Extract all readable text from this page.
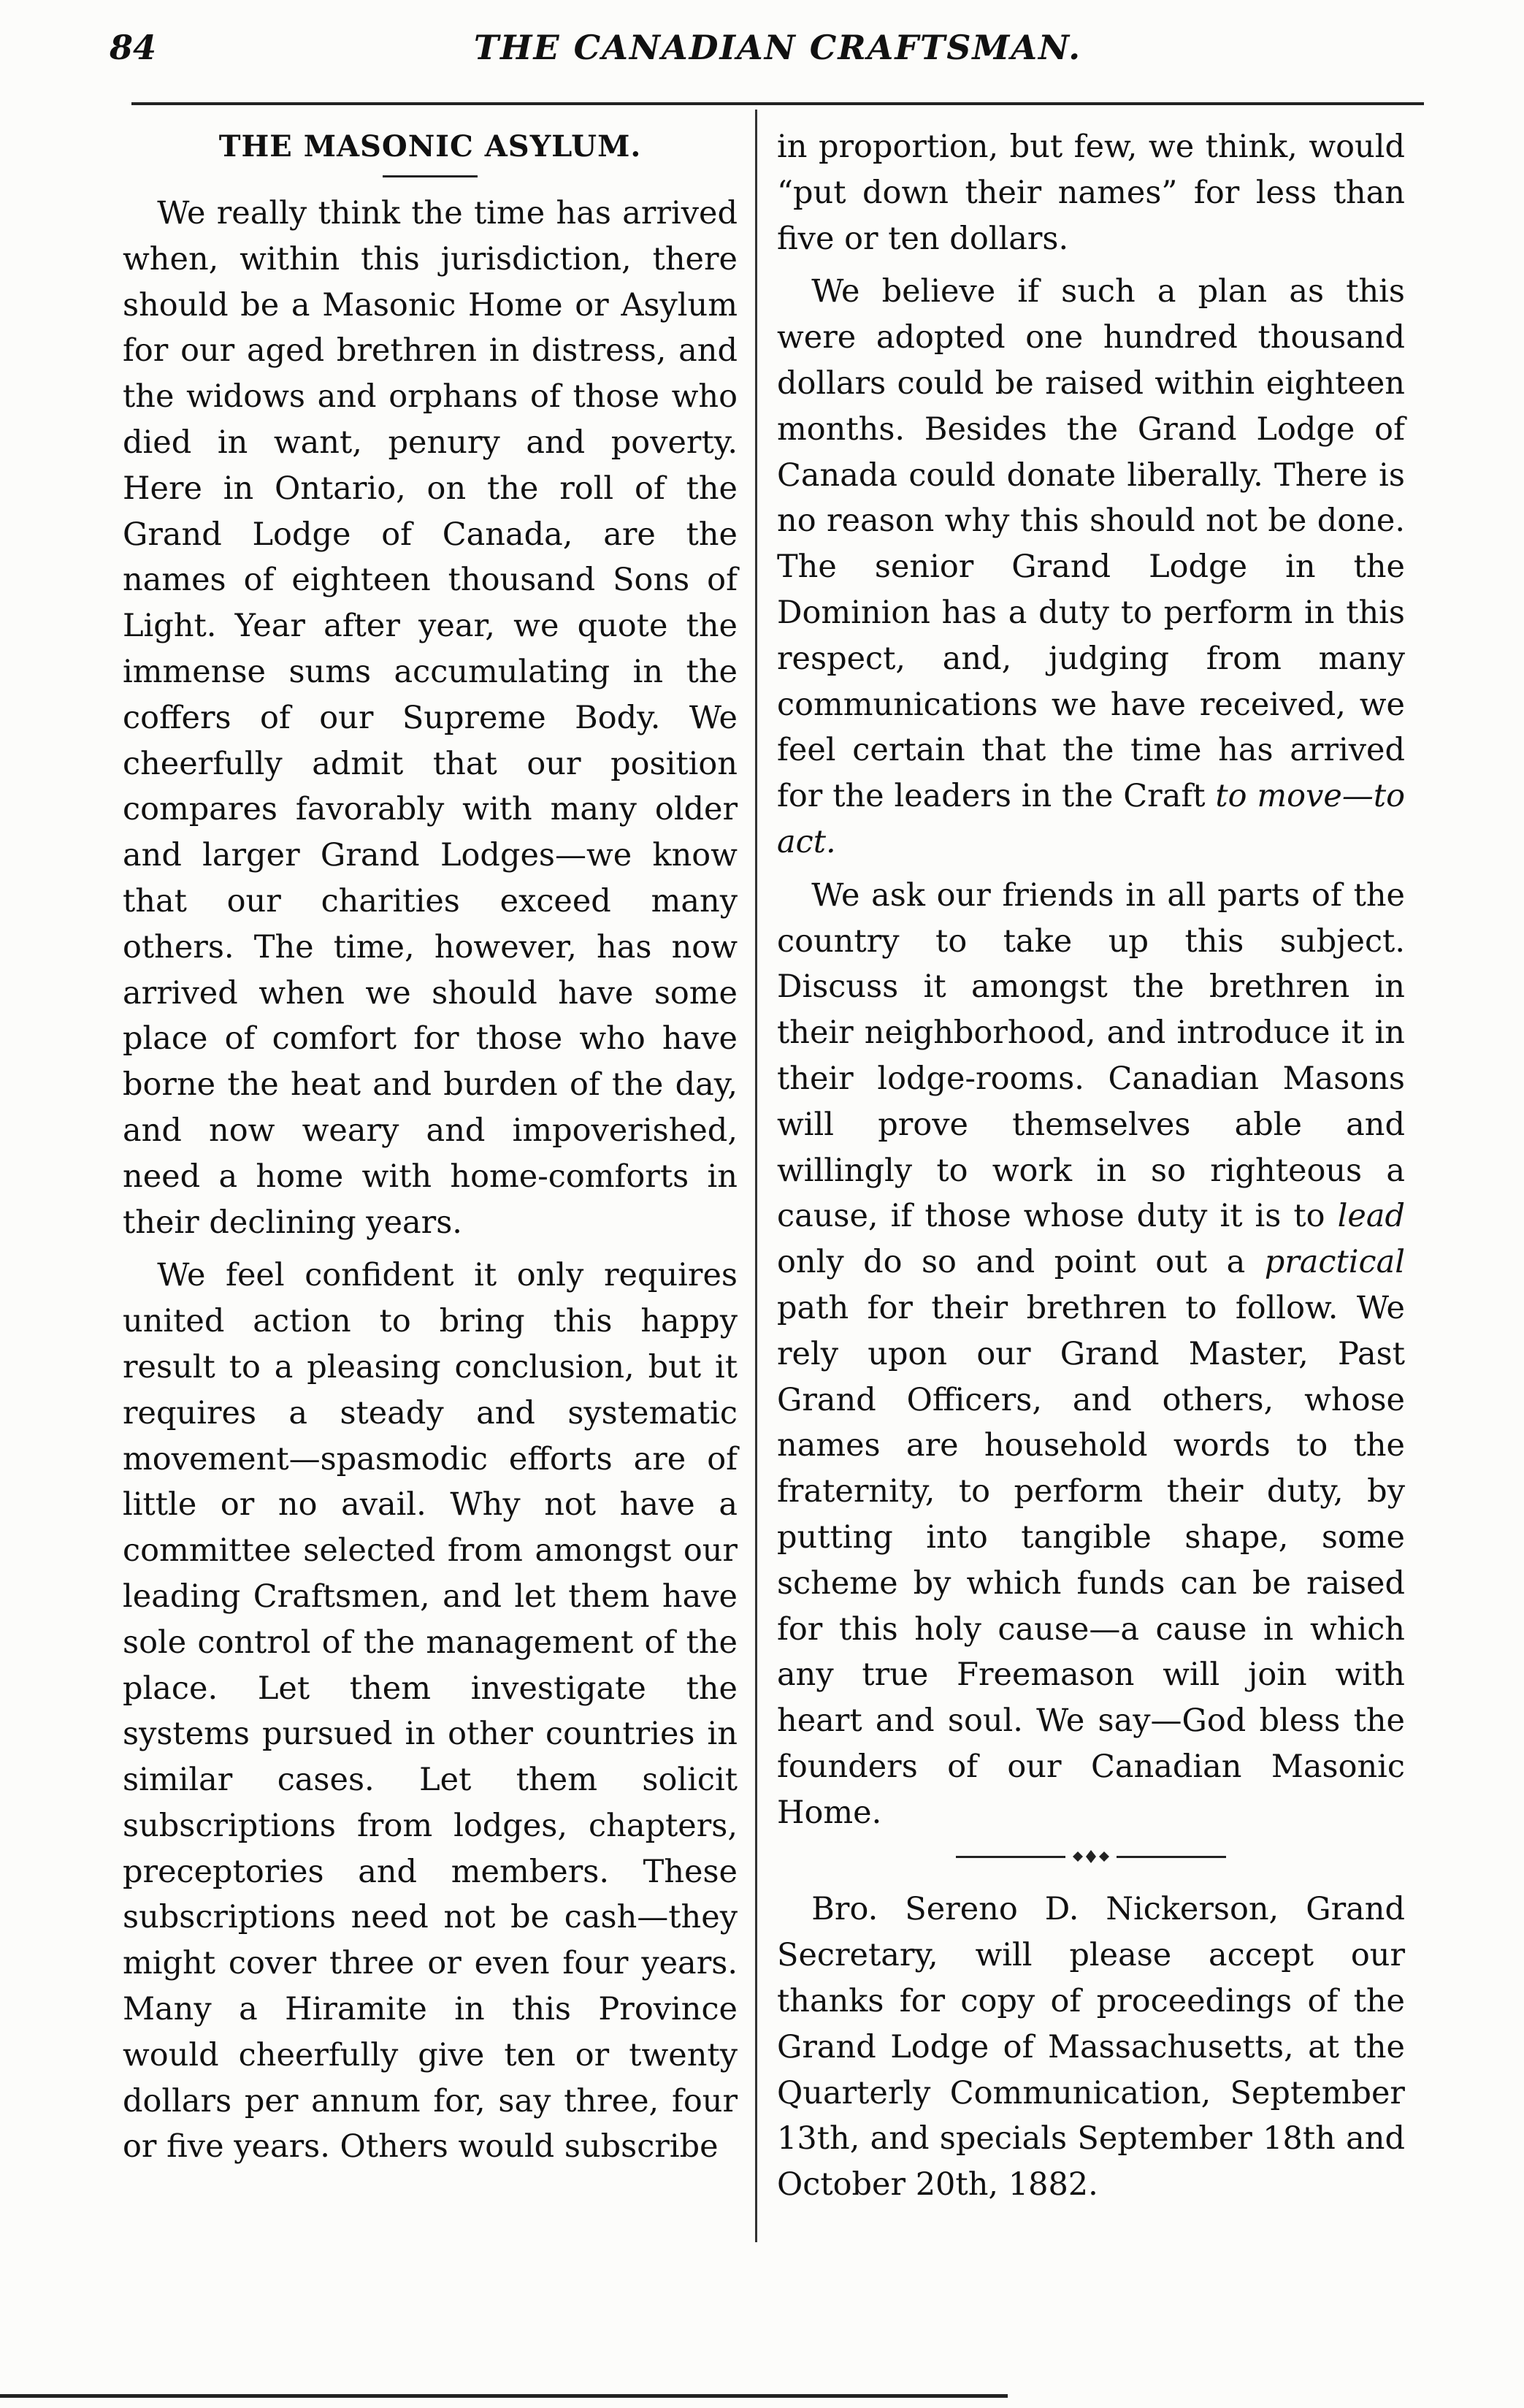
84	THE CANADIAN CRAFTSMAN.
THE MASONIC ASYLUM.

We really think the time has arrived when, within this jurisdiction, there should be a Masonic Home or Asylum for our aged brethren in distress, and the widows and orphans of those who died in want, penury and poverty. Here in Ontario, on the roll of the Grand Lodge of Canada, are the names of eighteen thousand Sons of Light. Year after year, we quote the immense sums accumulating in the coffers of our Supreme Body. We cheerfully admit that our position compares favorably with many older and larger Grand Lodges—we know that our charities exceed many others. The time, however, has now arrived when we should have some place of comfort for those who have borne the heat and burden of the day, and now weary and impoverished, need a home with home-comforts in their declining years.

We feel confident it only requires united action to bring this happy result to a pleasing conclusion, but it requires a steady and systematic movement—spasmodic efforts are of little or no avail. Why not have a committee selected from amongst our leading Craftsmen, and let them have sole control of the management of the place. Let them investigate the systems pursued in other countries in similar cases. Let them solicit subscriptions from lodges, chapters, preceptories and members. These subscriptions need not be cash—they might cover three or even four years. Many a Hiramite in this Province would cheerfully give ten or twenty dollars per annum for, say three, four or five years. Others would subscribe

in proportion, but few, we think, would “put down their names” for less than five or ten dollars.

We believe if such a plan as this were adopted one hundred thousand dollars could be raised within eighteen months. Besides the Grand Lodge of Canada could donate liberally. There is no reason why this should not be done. The senior Grand Lodge in the Dominion has a duty to perform in this respect, and, judging from many communications we have received, we feel certain that the time has arrived for the leaders in the Craft to move—to act.

We ask our friends in all parts of the country to take up this subject. Discuss it amongst the brethren in their neighborhood, and introduce it in their lodge-rooms. Canadian Masons will prove themselves able and willingly to work in so righteous a cause, if those whose duty it is to lead only do so and point out a practical path for their brethren to follow. We rely upon our Grand Master, Past Grand Officers, and others, whose names are household words to the fraternity, to perform their duty, by putting into tangible shape, some scheme by which funds can be raised for this holy cause—a cause in which any true Freemason will join with heart and soul. We say—God bless the founders of our Canadian Masonic Home.

Bro. Sereno D. Nickerson, Grand Secretary, will please accept our thanks for copy of proceedings of the Grand Lodge of Massachusetts, at the Quarterly Communication, September 13th, and specials September 18th and October 20th, 1882.
